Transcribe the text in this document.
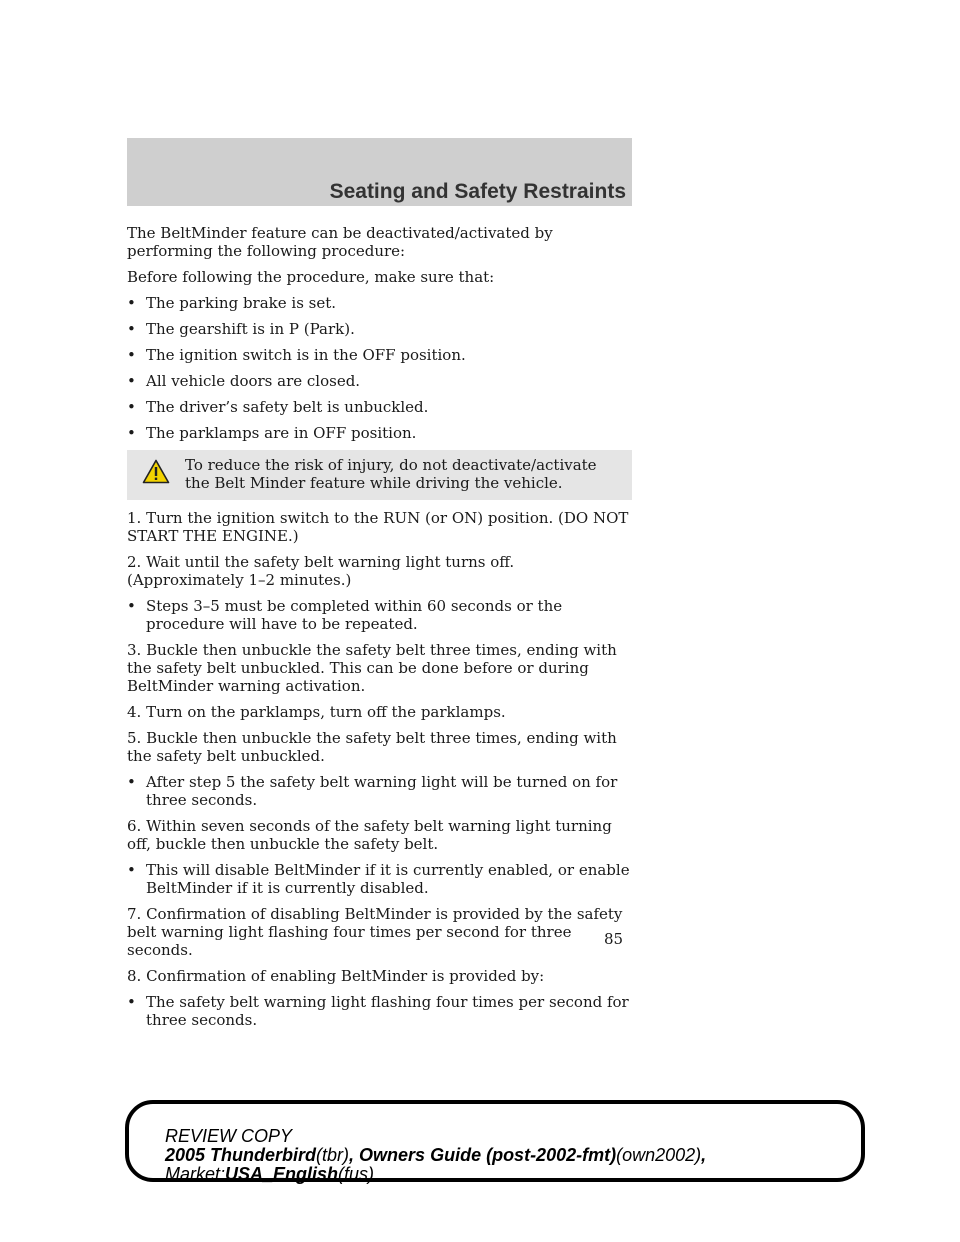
Seating and Safety Restraints

The BeltMinder feature can be deactivated/activated by performing the following procedure:

Before following the procedure, make sure that:

• The parking brake is set.
• The gearshift is in P (Park).
• The ignition switch is in the OFF position.
• All vehicle doors are closed.
• The driver’s safety belt is unbuckled.
• The parklamps are in OFF position.
To reduce the risk of injury, do not deactivate/activate the Belt Minder feature while driving the vehicle.

1. Turn the ignition switch to the RUN (or ON) position. (DO NOT START THE ENGINE.)

2. Wait until the safety belt warning light turns off. (Approximately 1–2 minutes.)

• Steps 3–5 must be completed within 60 seconds or the procedure will have to be repeated.

3. Buckle then unbuckle the safety belt three times, ending with the safety belt unbuckled. This can be done before or during BeltMinder warning activation.

4. Turn on the parklamps, turn off the parklamps.

5. Buckle then unbuckle the safety belt three times, ending with the safety belt unbuckled.

• After step 5 the safety belt warning light will be turned on for three seconds.

6. Within seven seconds of the safety belt warning light turning off, buckle then unbuckle the safety belt.

• This will disable BeltMinder if it is currently enabled, or enable BeltMinder if it is currently disabled.

7. Confirmation of disabling BeltMinder is provided by the safety belt warning light flashing four times per second for three seconds.

8. Confirmation of enabling BeltMinder is provided by:

• The safety belt warning light flashing four times per second for three seconds.
85
REVIEW COPY
2005 Thunderbird(tbr), Owners Guide (post-2002-fmt)(own2002),
Market:USA_English(fus)
